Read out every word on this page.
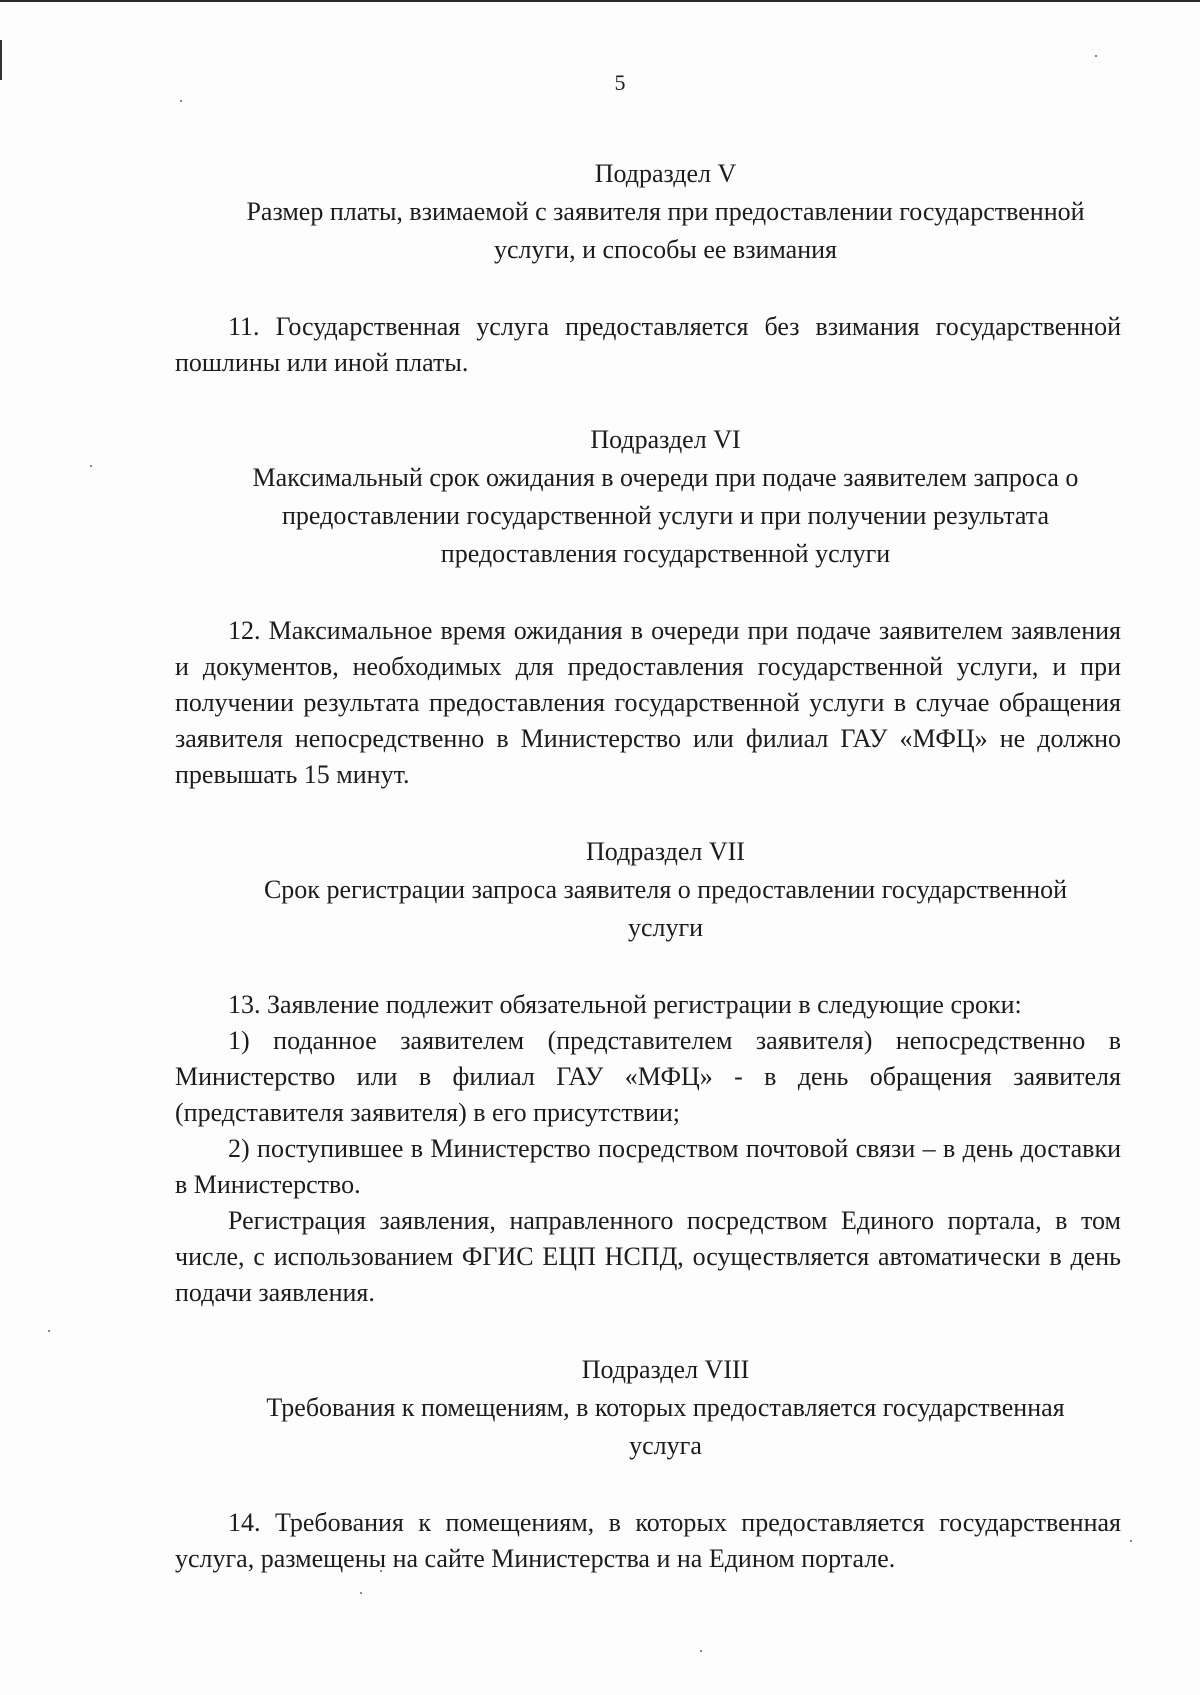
5
Подраздел V
Размер платы, взимаемой с заявителя при предоставлении государственной
услуги, и способы ее взимания

11. Государственная услуга предоставляется без взимания государственной пошлины или иной платы.

Подраздел VI
Максимальный срок ожидания в очереди при подаче заявителем запроса о
предоставлении государственной услуги и при получении результата
предоставления государственной услуги

12. Максимальное время ожидания в очереди при подаче заявителем заявления и документов, необходимых для предоставления государственной услуги, и при получении результата предоставления государственной услуги в случае обращения заявителя непосредственно в Министерство или филиал ГАУ «МФЦ» не должно превышать 15 минут.

Подраздел VII
Срок регистрации запроса заявителя о предоставлении государственной
услуги

13. Заявление подлежит обязательной регистрации в следующие сроки:

1) поданное заявителем (представителем заявителя) непосредственно в Министерство или в филиал ГАУ «МФЦ» - в день обращения заявителя (представителя заявителя) в его присутствии;

2) поступившее в Министерство посредством почтовой связи – в день доставки в Министерство.

Регистрация заявления, направленного посредством Единого портала, в том числе, с использованием ФГИС ЕЦП НСПД, осуществляется автоматически в день подачи заявления.

Подраздел VIII
Требования к помещениям, в которых предоставляется государственная
услуга

14. Требования к помещениям, в которых предоставляется государственная услуга, размещены на сайте Министерства и на Едином портале.
